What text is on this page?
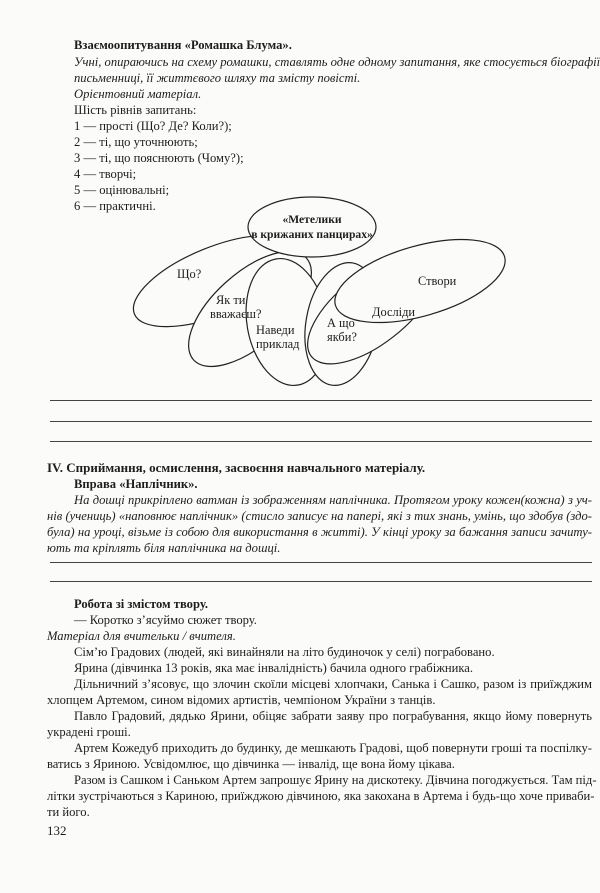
Взаємоопитування «Ромашка Блума».
Учні, опираючись на схему ромашки, ставлять одне одному запитання, яке стосується біографії
письменниці, її життєвого шляху та змісту повісті.
Орієнтовний матеріал.
Шість рівнів запитань:
1 — прості (Що? Де? Коли?);
2 — ті, що уточнюють;
3 — ті, що пояснюють (Чому?);
4 — творчі;
5 — оцінювальні;
6 — практичні.
«Метелики
в крижаних панцирах»
Що?
Як ти
вважаєш?
Наведи
приклад
А що
якби?
Досліди
Створи
IV. Сприймання, осмислення, засвоєння навчального матеріалу.
Вправа «Наплічник».
На дошці прикріплено ватман із зображенням наплічника. Протягом уроку кожен(кожна) з уч-
нів (учениць) «наповнює наплічник» (стисло записує на папері, які з тих знань, умінь, що здобув (здо-
була) на уроці, візьме із собою для використання в житті). У кінці уроку за бажання записи зачиту-
ють та кріплять біля наплічника на дошці.
Робота зі змістом твору.
— Коротко з’ясуймо сюжет твору.
Матеріал для вчительки / вчителя.
Сім’ю Градових (людей, які винайняли на літо будиночок у селі) пограбовано.
Ярина (дівчинка 13 років, яка має інвалідність) бачила одного грабіжника.
Дільничний з’ясовує, що злочин скоїли місцеві хлопчаки, Санька і Сашко, разом із приїжджим
хлопцем Артемом, сином відомих артистів, чемпіоном України з танців.
Павло Градовий, дядько Ярини, обіцяє забрати заяву про пограбування, якщо йому повернуть
украдені гроші.
Артем Кожедуб приходить до будинку, де мешкають Градові, щоб повернути гроші та поспілку-
ватись з Яриною. Усвідомлює, що дівчинка — інвалід, ще вона йому цікава.
Разом із Сашком і Саньком Артем запрошує Ярину на дискотеку. Дівчина погоджується. Там під-
літки зустрічаються з Кариною, приїжджою дівчиною, яка закохана в Артема і будь-що хоче приваби-
ти його.
132
